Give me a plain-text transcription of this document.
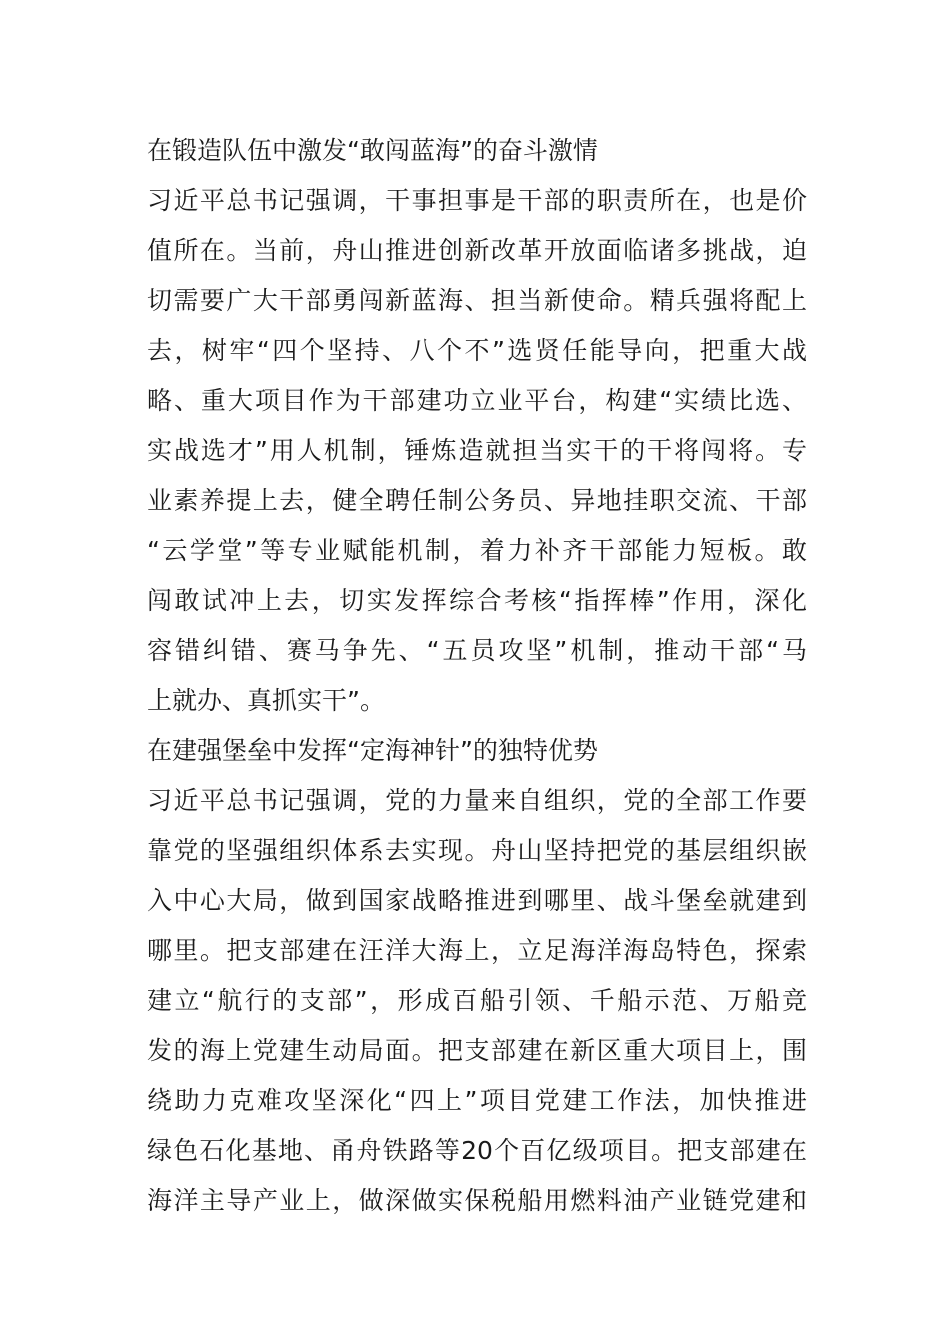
在锻造队伍中激发“敢闯蓝海”的奋斗激情
习近平总书记强调，干事担事是干部的职责所在，也是价
值所在。当前，舟山推进创新改革开放面临诸多挑战，迫
切需要广大干部勇闯新蓝海、担当新使命。精兵强将配上
去，树牢“四个坚持、八个不”选贤任能导向，把重大战
略、重大项目作为干部建功立业平台，构建“实绩比选、
实战选才”用人机制，锤炼造就担当实干的干将闯将。专
业素养提上去，健全聘任制公务员、异地挂职交流、干部
“云学堂”等专业赋能机制，着力补齐干部能力短板。敢
闯敢试冲上去，切实发挥综合考核“指挥棒”作用，深化
容错纠错、赛马争先、“五员攻坚”机制，推动干部“马
上就办、真抓实干”。
在建强堡垒中发挥“定海神针”的独特优势
习近平总书记强调，党的力量来自组织，党的全部工作要
靠党的坚强组织体系去实现。舟山坚持把党的基层组织嵌
入中心大局，做到国家战略推进到哪里、战斗堡垒就建到
哪里。把支部建在汪洋大海上，立足海洋海岛特色，探索
建立“航行的支部”，形成百船引领、千船示范、万船竞
发的海上党建生动局面。把支部建在新区重大项目上，围
绕助力克难攻坚深化“四上”项目党建工作法，加快推进
绿色石化基地、甬舟铁路等20个百亿级项目。把支部建在
海洋主导产业上，做深做实保税船用燃料油产业链党建和
